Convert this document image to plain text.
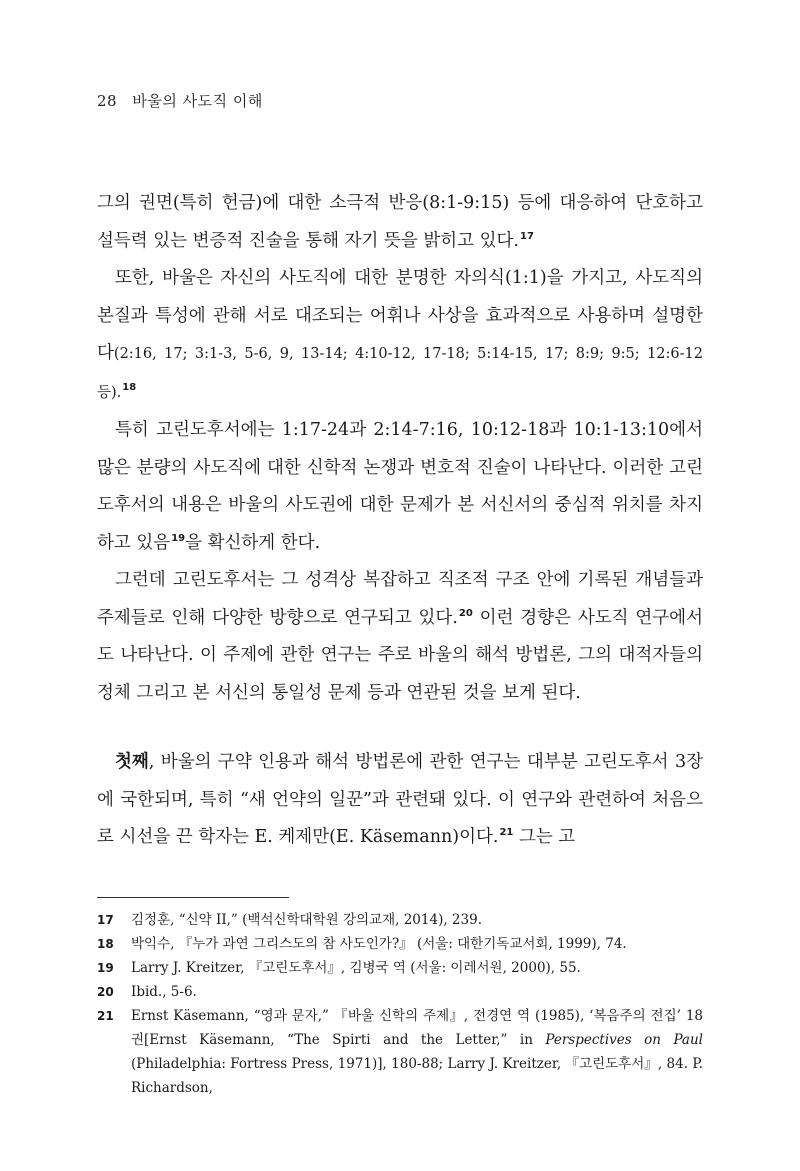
28 바울의 사도직 이해

그의 권면(특히 헌금)에 대한 소극적 반응(8:1-9:15) 등에 대응하여 단호하고 설득력 있는 변증적 진술을 통해 자기 뜻을 밝히고 있다.$^{17}$

또한, 바울은 자신의 사도직에 대한 분명한 자의식(1:1)을 가지고, 사도직의 본질과 특성에 관해 서로 대조되는 어휘나 사상을 효과적으로 사용하며 설명한다(2:16, 17; 3:1-3, 5-6, 9, 13-14; 4:10-12, 17-18; 5:14-15, 17; 8:9; 9:5; 12:6-12 등).$^{18}$

특히 고린도후서에는 1:17-24과 2:14-7:16, 10:12-18과 10:1-13:10에서 많은 분량의 사도직에 대한 신학적 논쟁과 변호적 진술이 나타난다. 이러한 고린도후서의 내용은 바울의 사도권에 대한 문제가 본 서신서의 중심적 위치를 차지하고 있음$^{19}$을 확신하게 한다.

그런데 고린도후서는 그 성격상 복잡하고 직조적 구조 안에 기록된 개념들과 주제들로 인해 다양한 방향으로 연구되고 있다.$^{20}$ 이런 경향은 사도직 연구에서도 나타난다. 이 주제에 관한 연구는 주로 바울의 해석 방법론, 그의 대적자들의 정체 그리고 본 서신의 통일성 문제 등과 연관된 것을 보게 된다.

첫째, 바울의 구약 인용과 해석 방법론에 관한 연구는 대부분 고린도후서 3장에 국한되며, 특히 “새 언약의 일꾼”과 관련돼 있다. 이 연구와 관련하여 처음으로 시선을 끈 학자는 E. 케제만(E. Käsemann)이다.$^{21}$ 그는 고

17	김정훈, “신약 II,” (백석신학대학원 강의교재, 2014), 239.
18	박익수, 『누가 과연 그리스도의 참 사도인가?』 (서울: 대한기독교서회, 1999), 74.
19	Larry J. Kreitzer, 『고린도후서』, 김병국 역 (서울: 이레서원, 2000), 55.
20	Ibid., 5-6.
21	Ernst Käsemann, “영과 문자,” 『바울 신학의 주제』, 전경연 역 (1985), ‘복음주의 전집’ 18권[Ernst Käsemann, “The Spirti and the Letter,” in Perspectives on Paul (Philadelphia: Fortress Press, 1971)], 180-88; Larry J. Kreitzer, 『고린도후서』, 84. P. Richardson,
